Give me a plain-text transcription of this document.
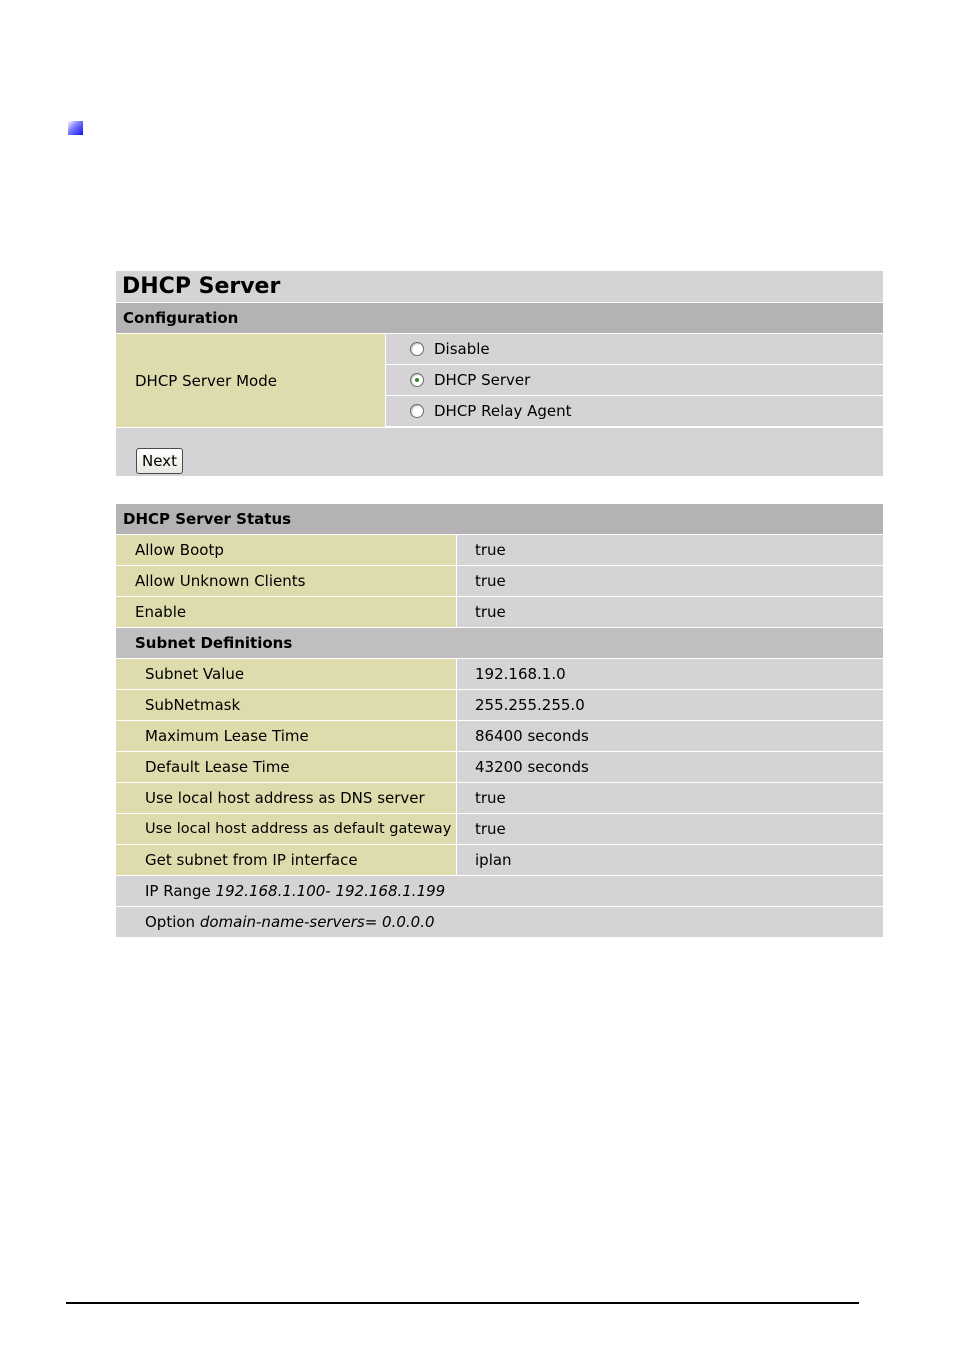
DHCP Server
Configuration
DHCP Server Mode
Disable
DHCP Server
DHCP Relay Agent
Next
DHCP Server Status
Allow Bootp	true
Allow Unknown Clients	true
Enable	true
Subnet Definitions
Subnet Value	192.168.1.0
SubNetmask	255.255.255.0
Maximum Lease Time	86400 seconds
Default Lease Time	43200 seconds
Use local host address as DNS server	true
Use local host address as default gateway	true
Get subnet from IP interface	iplan
IP Range 192.168.1.100- 192.168.1.199
Option domain-name-servers= 0.0.0.0
